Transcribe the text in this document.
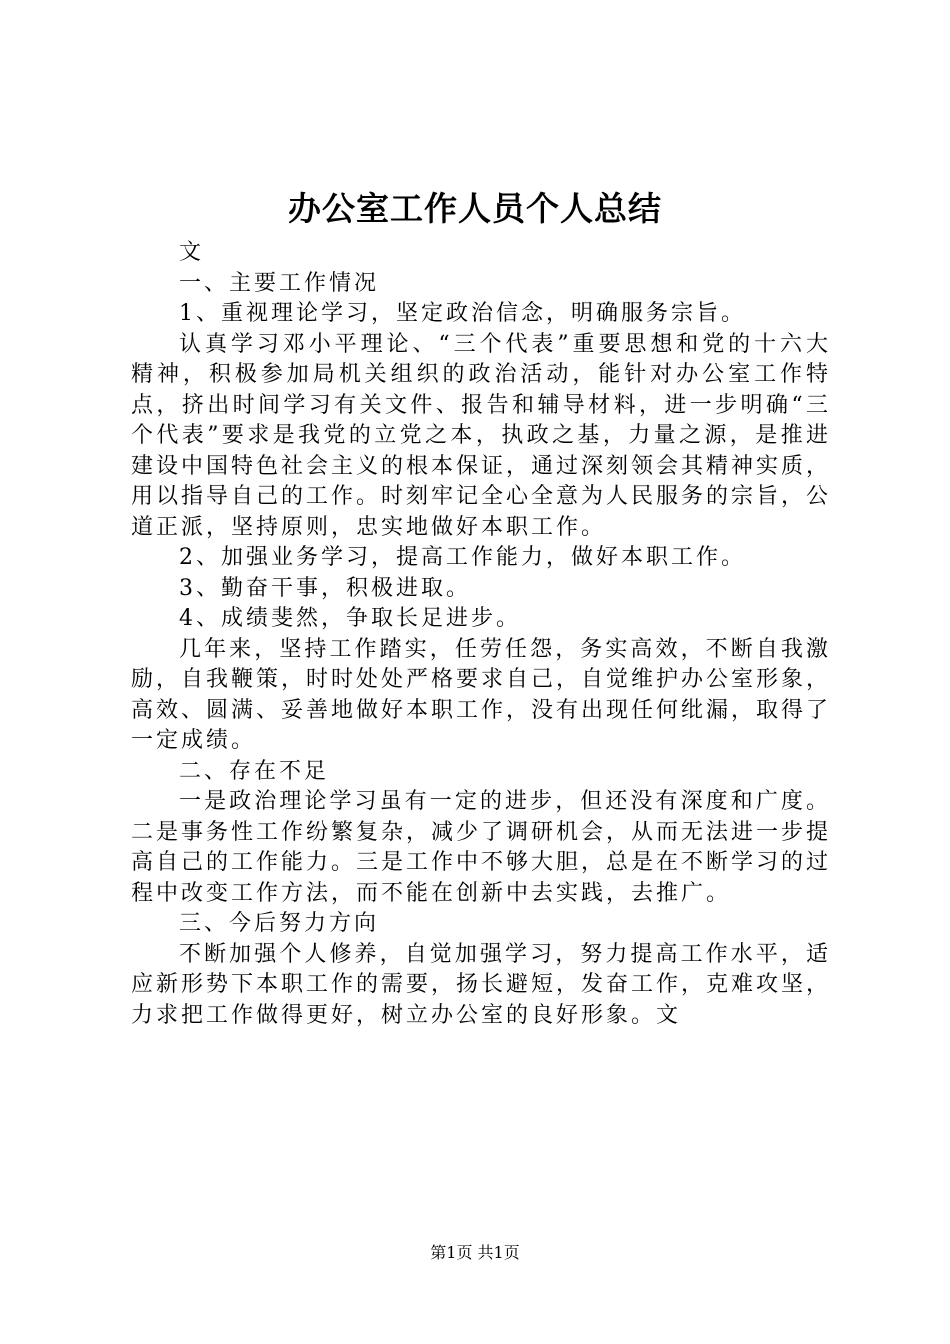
办公室工作人员个人总结

文

一、主要工作情况

1、重视理论学习，坚定政治信念，明确服务宗旨。

认真学习邓小平理论、“三个代表”重要思想和党的十六大精神，积极参加局机关组织的政治活动，能针对办公室工作特点，挤出时间学习有关文件、报告和辅导材料，进一步明确“三个代表”要求是我党的立党之本，执政之基，力量之源，是推进建设中国特色社会主义的根本保证，通过深刻领会其精神实质，用以指导自己的工作。时刻牢记全心全意为人民服务的宗旨，公道正派，坚持原则，忠实地做好本职工作。

2、加强业务学习，提高工作能力，做好本职工作。

3、勤奋干事，积极进取。

4、成绩斐然，争取长足进步。

几年来，坚持工作踏实，任劳任怨，务实高效，不断自我激励，自我鞭策，时时处处严格要求自己，自觉维护办公室形象，高效、圆满、妥善地做好本职工作，没有出现任何纰漏，取得了一定成绩。

二、存在不足

一是政治理论学习虽有一定的进步，但还没有深度和广度。二是事务性工作纷繁复杂，减少了调研机会，从而无法进一步提高自己的工作能力。三是工作中不够大胆，总是在不断学习的过程中改变工作方法，而不能在创新中去实践，去推广。

三、今后努力方向

不断加强个人修养，自觉加强学习，努力提高工作水平，适应新形势下本职工作的需要，扬长避短，发奋工作，克难攻坚，力求把工作做得更好，树立办公室的良好形象。文

第1页 共1页
